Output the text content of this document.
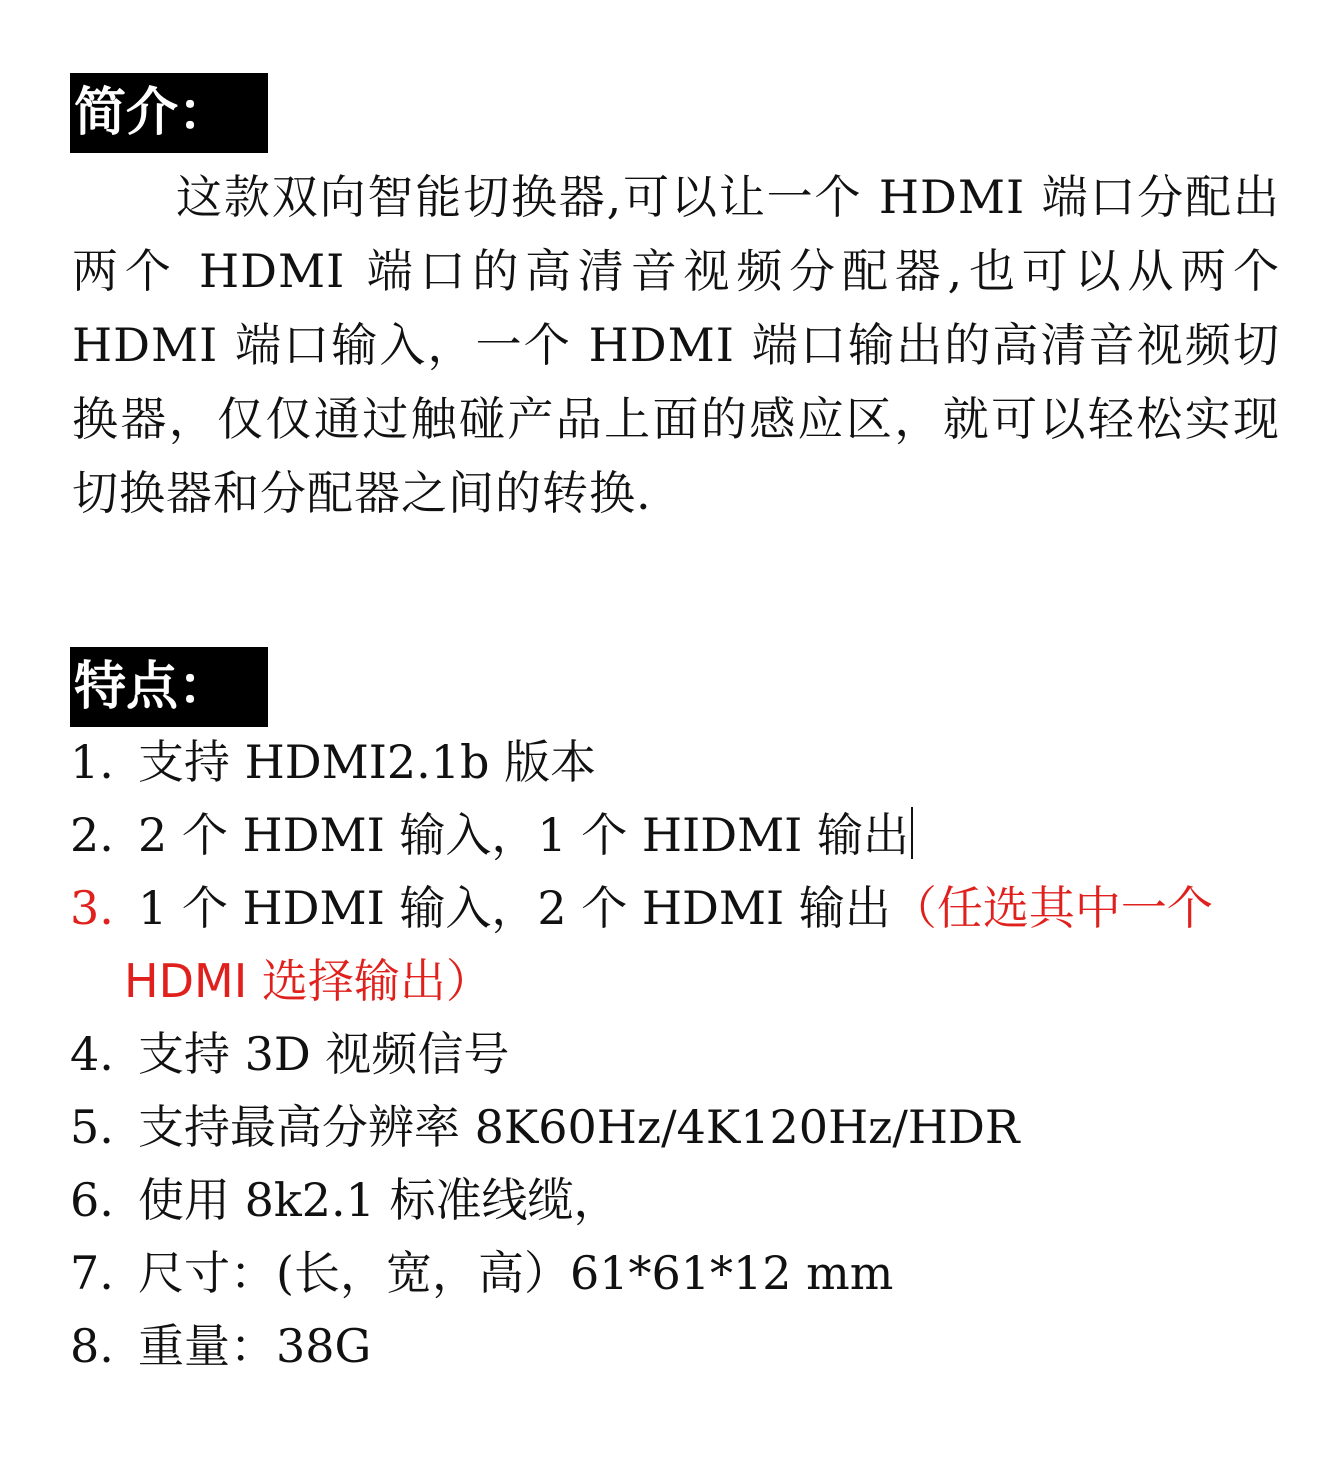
简介：

这款双向智能切换器,可以让一个 HDMI 端口分配出两个 HDMI 端口的高清音视频分配器,也可以从两个 HDMI 端口输入，一个 HDMI 端口输出的高清音视频切换器，仅仅通过触碰产品上面的感应区，就可以轻松实现切换器和分配器之间的转换.

特点：
1. 支持 HDMI2.1b 版本
2. 2 个 HDMI 输入，1 个 HIDMI 输出
3. 1 个 HDMI 输入，2 个 HDMI 输出（任选其中一个
HDMI 选择输出）
4. 支持 3D 视频信号
5. 支持最高分辨率 8K60Hz/4K120Hz/HDR
6. 使用 8k2.1 标准线缆，
7. 尺寸：(长，宽，高）61*61*12 mm
8. 重量：38G
